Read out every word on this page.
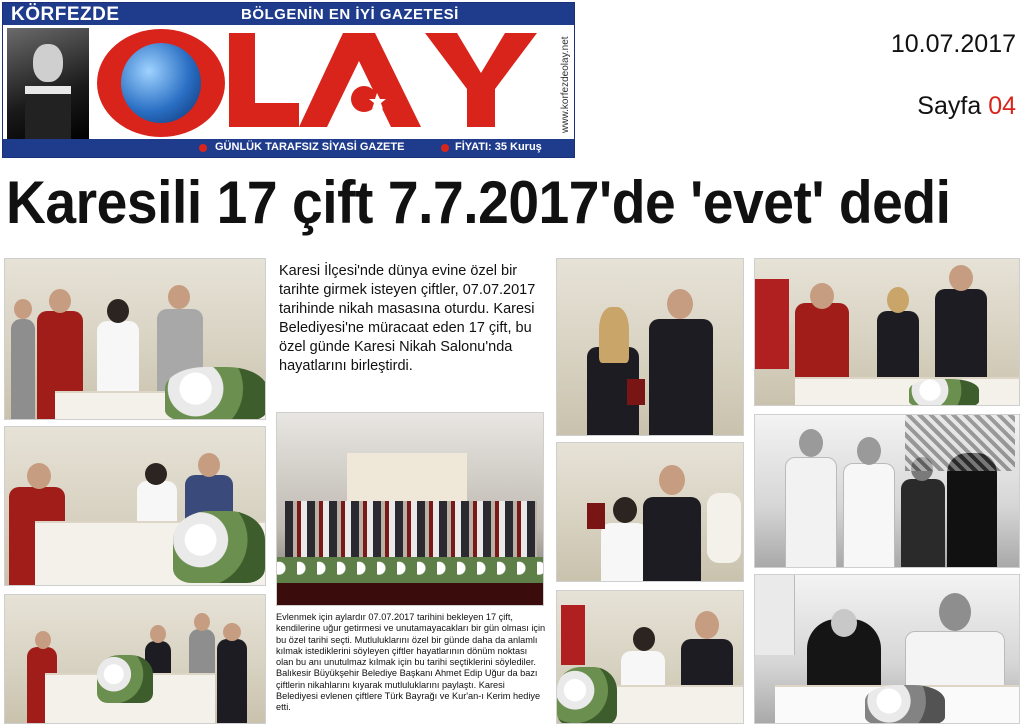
KÖRFEZDE	BÖLGENİN EN İYİ GAZETESİ
www.korfezdeolay.net
GÜNLÜK TARAFSIZ SİYASİ GAZETE	FİYATI: 35 Kuruş
10.07.2017
Sayfa 04
Karesili 17 çift 7.7.2017'de 'evet' dedi
Karesi İlçesi'nde dünya evine özel bir tarihte girmek isteyen çiftler, 07.07.2017 tarihinde nikah masasına oturdu. Karesi Belediyesi'ne müracaat eden 17 çift, bu özel günde Karesi Nikah Salonu'nda hayatlarını birleştirdi.
Evlenmek için aylardır 07.07.2017 tarihini bekleyen 17 çift, kendilerine uğur getirmesi ve unutamayacakları bir gün olması için bu özel tarihi seçti. Mutluluklarını özel bir günde daha da anlamlı kılmak istediklerini söyleyen çiftler hayatlarının dönüm noktası olan bu anı unutulmaz kılmak için bu tarihi seçtiklerini söylediler. Balıkesir Büyükşehir Belediye Başkanı Ahmet Edip Uğur da bazı çiftlerin nikahlarını kıyarak mutluluklarını paylaştı. Karesi Belediyesi evlenen çiftlere Türk Bayrağı ve Kur'an-ı Kerim hediye etti.
